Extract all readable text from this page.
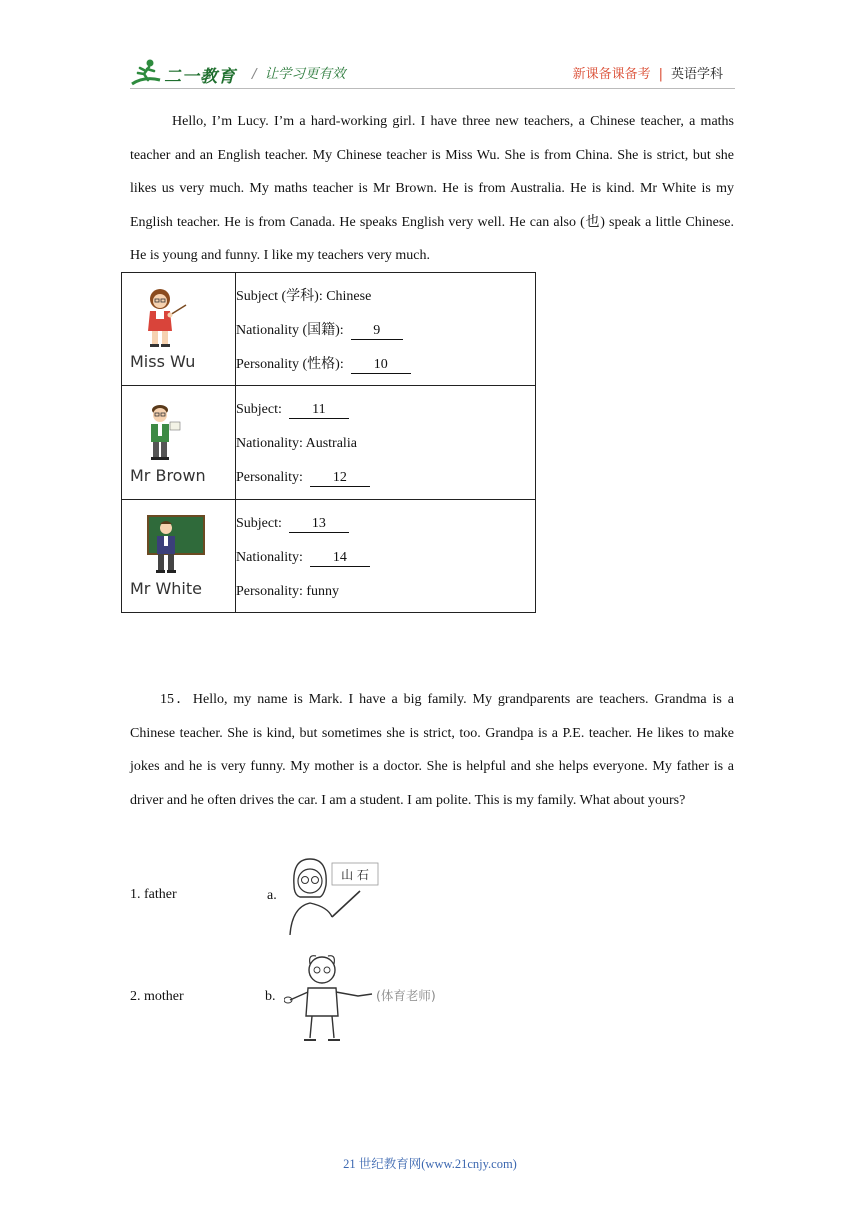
二一教育 / 让学习更有效	新课备课备考 | 英语学科
Hello, I’m Lucy. I’m a hard-working girl. I have three new teachers, a Chinese teacher, a maths teacher and an English teacher. My Chinese teacher is Miss Wu. She is from China. She is strict, but she likes us very much. My maths teacher is Mr Brown. He is from Australia. He is kind. Mr White is my English teacher. He is from Canada. He speaks English very well. He can also (也) speak a little Chinese. He is young and funny. I like my teachers very much.
Miss Wu	Subject (学科): Chinese
Nationality (国籍): 9
Personality (性格): 10

Mr Brown	Subject: 11
Nationality: Australia
Personality: 12

Mr White	Subject: 13
Nationality: 14
Personality: funny
15．Hello, my name is Mark. I have a big family. My grandparents are teachers. Grandma is a Chinese teacher. She is kind, but sometimes she is strict, too. Grandpa is a P.E. teacher. He likes to make jokes and he is very funny. My mother is a doctor. She is helpful and she helps everyone. My father is a driver and he often drives the car. I am a student. I am polite. This is my family. What about yours?
1. father	a.
山 石
2. mother	b.	(体育老师)
21 世纪教育网(www.21cnjy.com)
